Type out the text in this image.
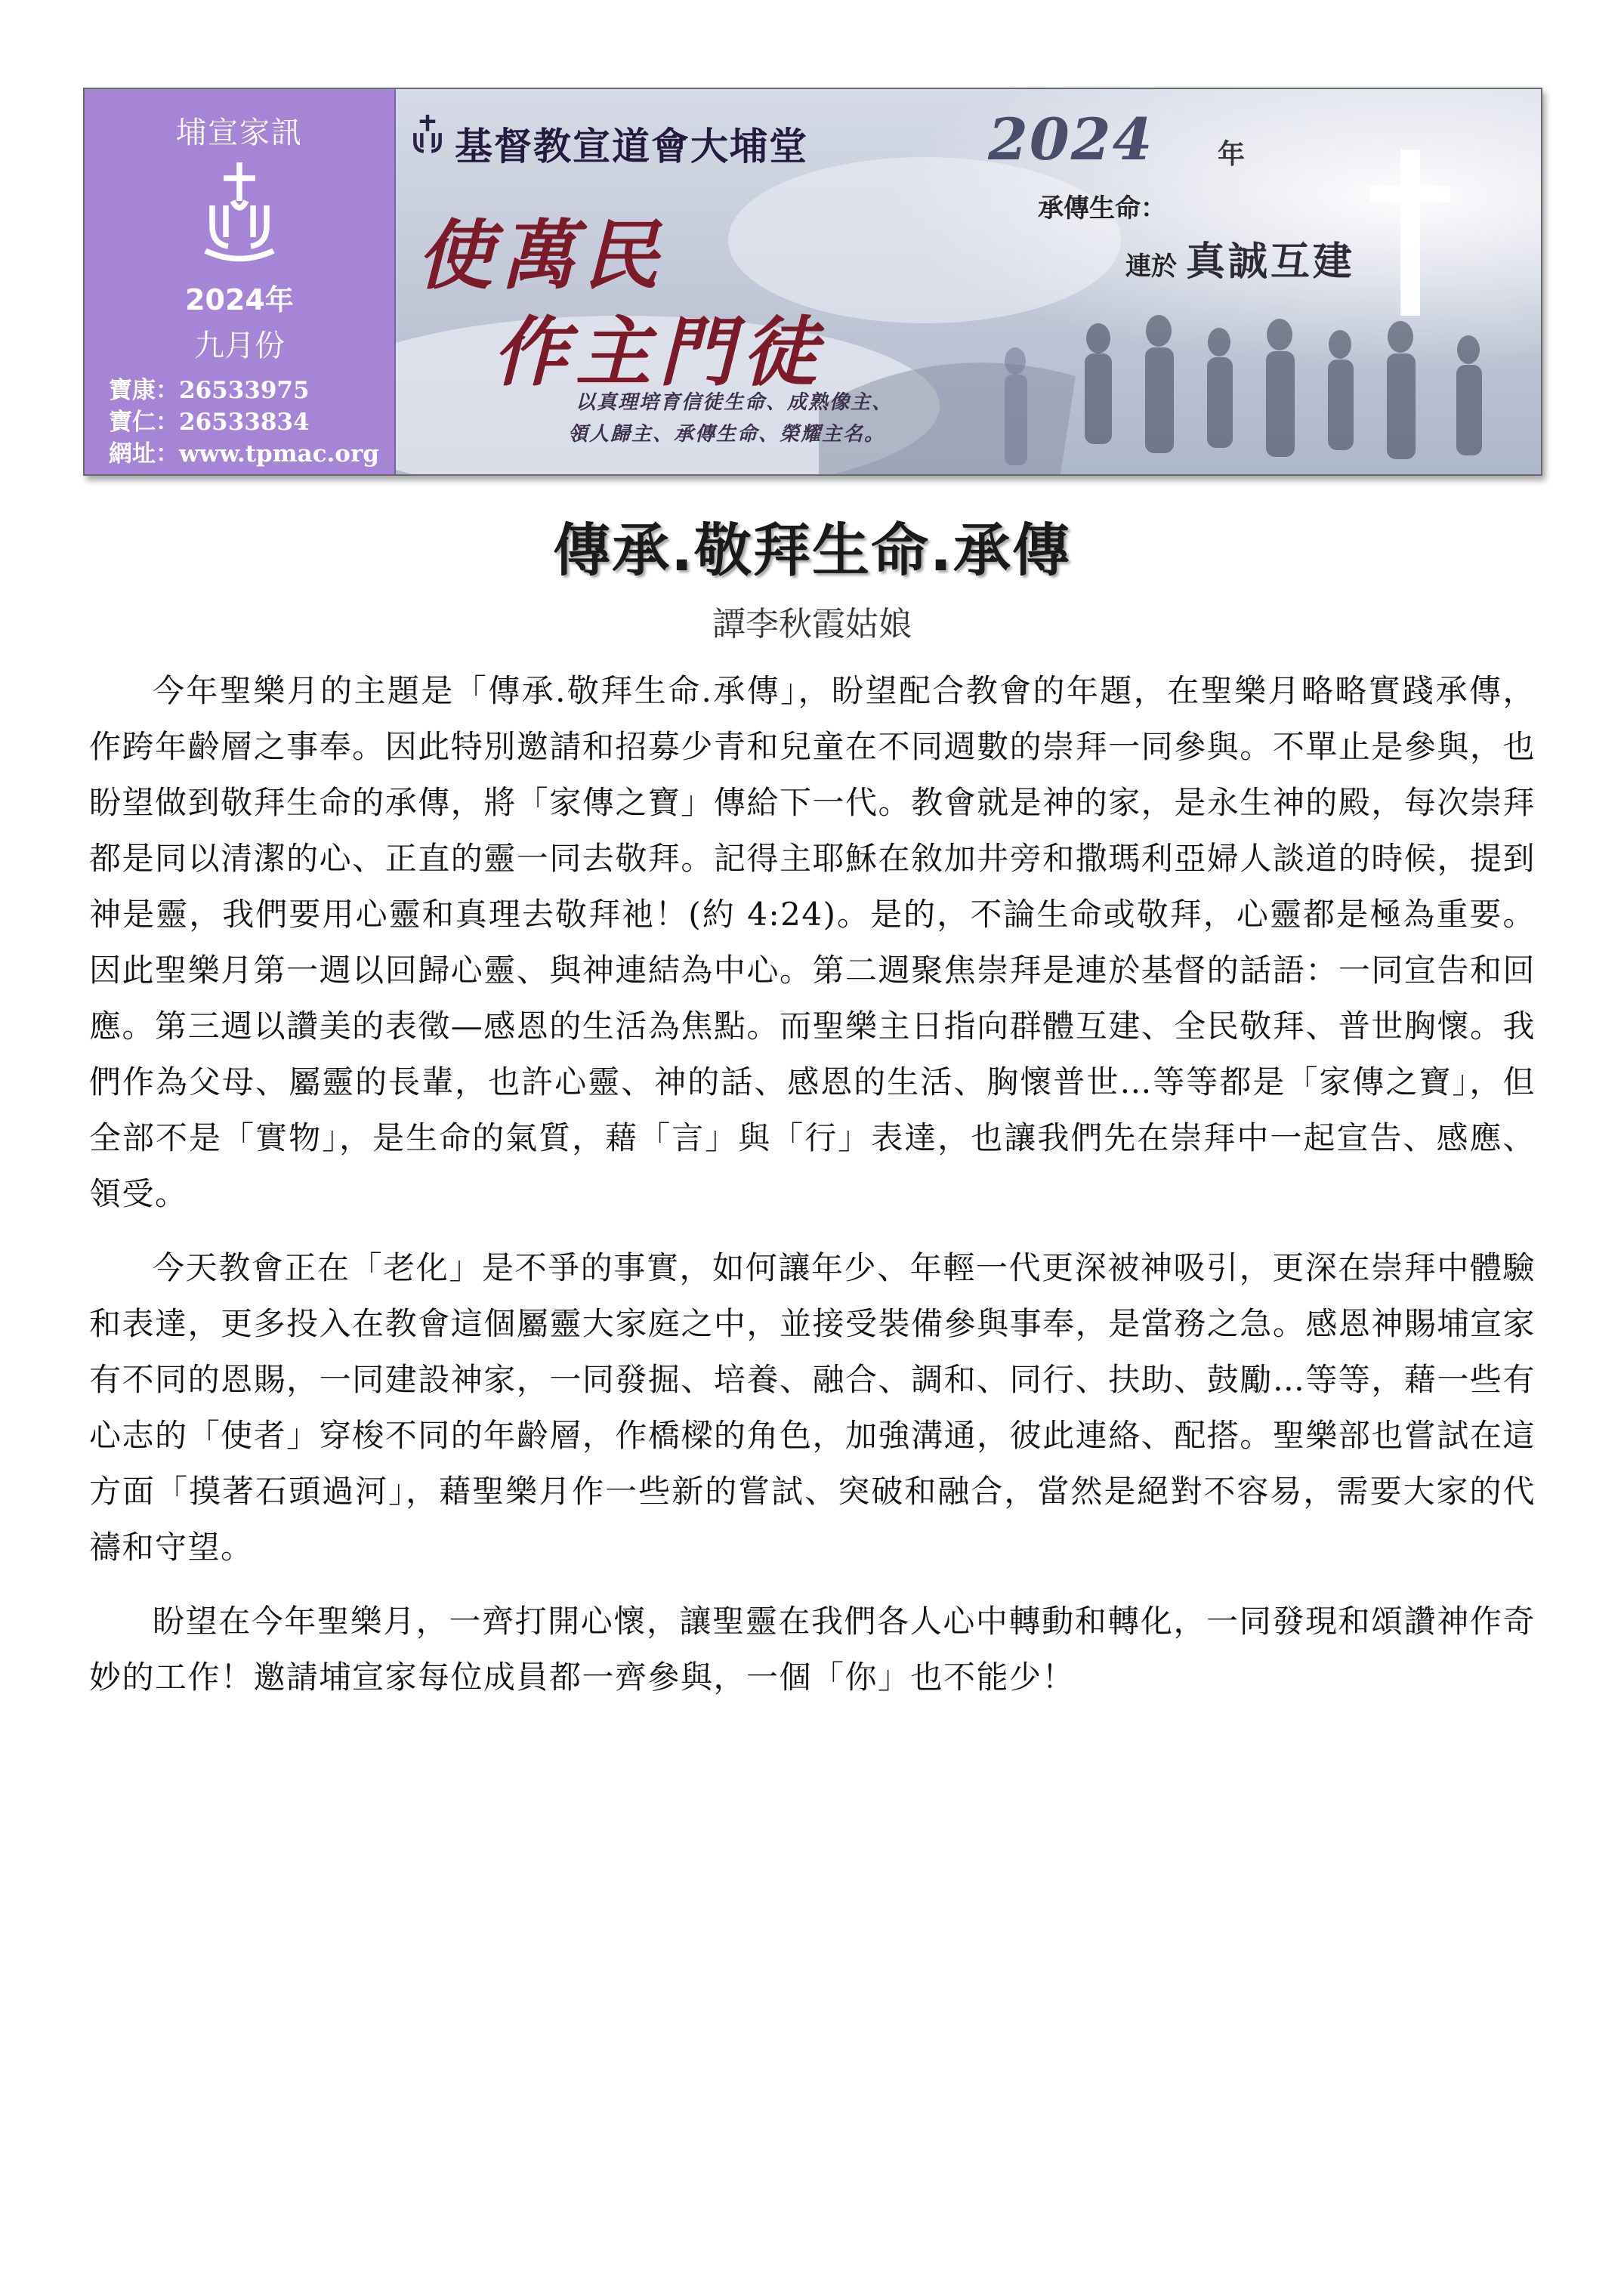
埔宣家訊
2024年
九月份
寶康：26533975
寶仁：26533834
網址：www.tpmac.org
基督教宣道會大埔堂	2024 年
承傳生命：
連於 真誠互建
使萬民
作主門徒
以真理培育信徒生命、成熟像主、
領人歸主、承傳生命、榮耀主名。
傳承.敬拜生命.承傳
譚李秋霞姑娘

今年聖樂月的主題是「傳承.敬拜生命.承傳」，盼望配合教會的年題，在聖樂月略略實踐承傳，作跨年齡層之事奉。因此特別邀請和招募少青和兒童在不同週數的崇拜一同參與。不單止是參與，也盼望做到敬拜生命的承傳，將「家傳之寶」傳給下一代。教會就是神的家，是永生神的殿，每次崇拜都是同以清潔的心、正直的靈一同去敬拜。記得主耶穌在敘加井旁和撒瑪利亞婦人談道的時候，提到神是靈，我們要用心靈和真理去敬拜祂！(約 4:24)。是的，不論生命或敬拜，心靈都是極為重要。因此聖樂月第一週以回歸心靈、與神連結為中心。第二週聚焦崇拜是連於基督的話語：一同宣告和回應。第三週以讚美的表徵—感恩的生活為焦點。而聖樂主日指向群體互建、全民敬拜、普世胸懷。我們作為父母、屬靈的長輩，也許心靈、神的話、感恩的生活、胸懷普世…等等都是「家傳之寶」，但全部不是「實物」，是生命的氣質，藉「言」與「行」表達，也讓我們先在崇拜中一起宣告、感應、領受。

今天教會正在「老化」是不爭的事實，如何讓年少、年輕一代更深被神吸引，更深在崇拜中體驗和表達，更多投入在教會這個屬靈大家庭之中，並接受裝備參與事奉，是當務之急。感恩神賜埔宣家有不同的恩賜，一同建設神家，一同發掘、培養、融合、調和、同行、扶助、鼓勵…等等，藉一些有心志的「使者」穿梭不同的年齡層，作橋樑的角色，加強溝通，彼此連絡、配搭。聖樂部也嘗試在這方面「摸著石頭過河」，藉聖樂月作一些新的嘗試、突破和融合，當然是絕對不容易，需要大家的代禱和守望。

盼望在今年聖樂月，一齊打開心懷，讓聖靈在我們各人心中轉動和轉化，一同發現和頌讚神作奇妙的工作！邀請埔宣家每位成員都一齊參與，一個「你」也不能少！
